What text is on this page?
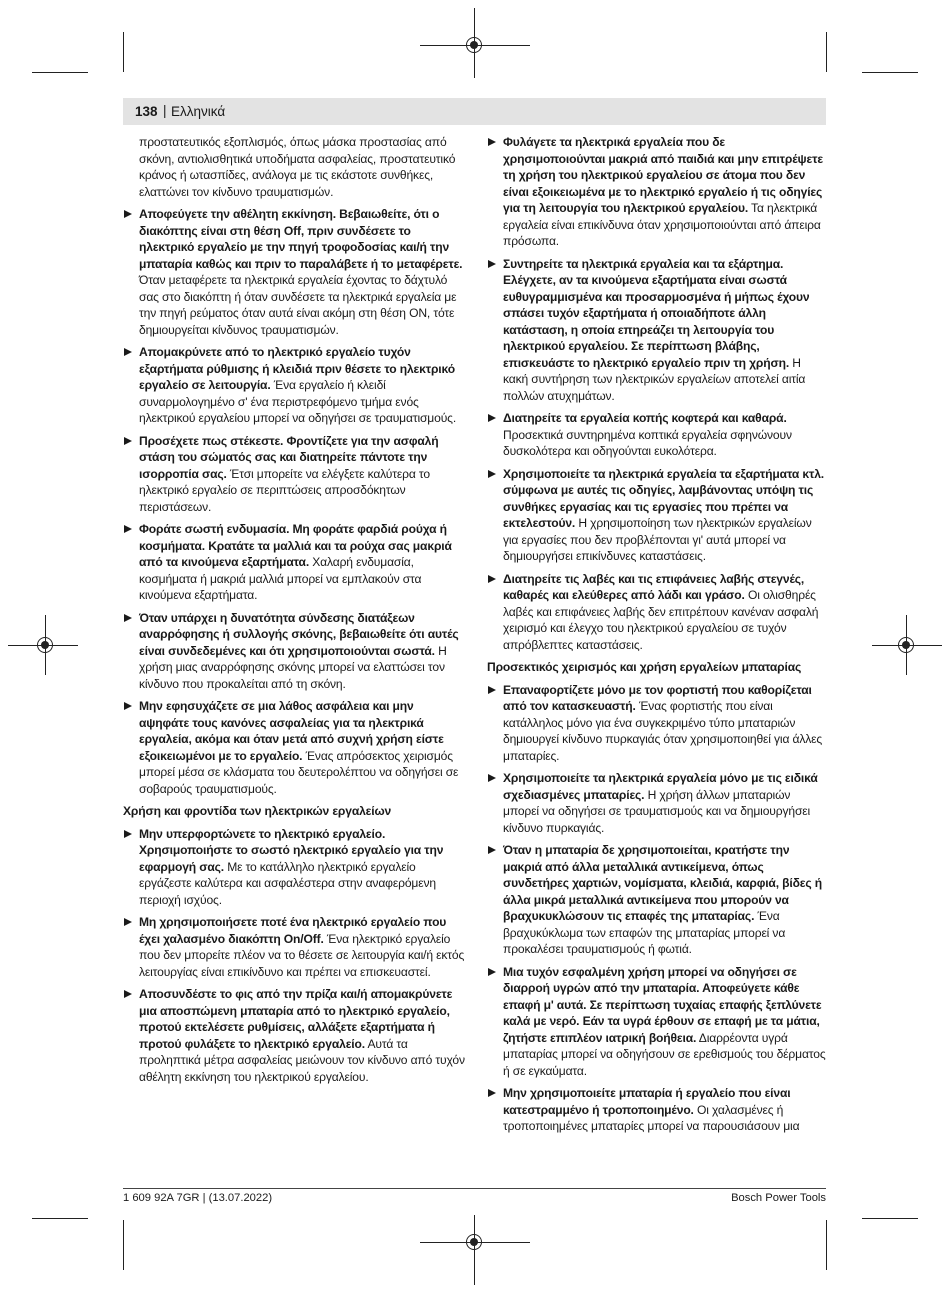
138 | Ελληνικά

προστατευτικός εξοπλισμός, όπως μάσκα προστασίας από σκόνη, αντιολισθητικά υποδήματα ασφαλείας, προστατευτικό κράνος ή ωτασπίδες, ανάλογα με τις εκάστοτε συνθήκες, ελαττώνει τον κίνδυνο τραυματισμών.

Αποφεύγετε την αθέλητη εκκίνηση. Βεβαιωθείτε, ότι ο διακόπτης είναι στη θέση Off, πριν συνδέσετε το ηλεκτρικό εργαλείο με την πηγή τροφοδοσίας και/ή την μπαταρία καθώς και πριν το παραλάβετε ή το μεταφέρετε. Όταν μεταφέρετε τα ηλεκτρικά εργαλεία έχοντας το δάχτυλό σας στο διακόπτη ή όταν συνδέσετε τα ηλεκτρικά εργαλεία με την πηγή ρεύματος όταν αυτά είναι ακόμη στη θέση ON, τότε δημιουργείται κίνδυνος τραυματισμών.

Απομακρύνετε από το ηλεκτρικό εργαλείο τυχόν εξαρτήματα ρύθμισης ή κλειδιά πριν θέσετε το ηλεκτρικό εργαλείο σε λειτουργία. Ένα εργαλείο ή κλειδί συναρμολογημένο σ' ένα περιστρεφόμενο τμήμα ενός ηλεκτρικού εργαλείου μπορεί να οδηγήσει σε τραυματισμούς.

Προσέχετε πως στέκεστε. Φροντίζετε για την ασφαλή στάση του σώματός σας και διατηρείτε πάντοτε την ισορροπία σας. Έτσι μπορείτε να ελέγξετε καλύτερα το ηλεκτρικό εργαλείο σε περιπτώσεις απροσδόκητων περιστάσεων.

Φοράτε σωστή ενδυμασία. Μη φοράτε φαρδιά ρούχα ή κοσμήματα. Κρατάτε τα μαλλιά και τα ρούχα σας μακριά από τα κινούμενα εξαρτήματα. Χαλαρή ενδυμασία, κοσμήματα ή μακριά μαλλιά μπορεί να εμπλακούν στα κινούμενα εξαρτήματα.

Όταν υπάρχει η δυνατότητα σύνδεσης διατάξεων αναρρόφησης ή συλλογής σκόνης, βεβαιωθείτε ότι αυτές είναι συνδεδεμένες και ότι χρησιμοποιούνται σωστά. Η χρήση μιας αναρρόφησης σκόνης μπορεί να ελαττώσει τον κίνδυνο που προκαλείται από τη σκόνη.

Μην εφησυχάζετε σε μια λάθος ασφάλεια και μην αψηφάτε τους κανόνες ασφαλείας για τα ηλεκτρικά εργαλεία, ακόμα και όταν μετά από συχνή χρήση είστε εξοικειωμένοι με το εργαλείο. Ένας απρόσεκτος χειρισμός μπορεί μέσα σε κλάσματα του δευτερολέπτου να οδηγήσει σε σοβαρούς τραυματισμούς.

Χρήση και φροντίδα των ηλεκτρικών εργαλείων

Μην υπερφορτώνετε το ηλεκτρικό εργαλείο. Χρησιμοποιήστε το σωστό ηλεκτρικό εργαλείο για την εφαρμογή σας. Με το κατάλληλο ηλεκτρικό εργαλείο εργάζεστε καλύτερα και ασφαλέστερα στην αναφερόμενη περιοχή ισχύος.

Μη χρησιμοποιήσετε ποτέ ένα ηλεκτρικό εργαλείο που έχει χαλασμένο διακόπτη On/Off. Ένα ηλεκτρικό εργαλείο που δεν μπορείτε πλέον να το θέσετε σε λειτουργία και/ή εκτός λειτουργίας είναι επικίνδυνο και πρέπει να επισκευαστεί.

Αποσυνδέστε το φις από την πρίζα και/ή απομακρύνετε μια αποσπώμενη μπαταρία από το ηλεκτρικό εργαλείο, προτού εκτελέσετε ρυθμίσεις, αλλάξετε εξαρτήματα ή προτού φυλάξετε το ηλεκτρικό εργαλείο. Αυτά τα προληπτικά μέτρα ασφαλείας μειώνουν τον κίνδυνο από τυχόν αθέλητη εκκίνηση του ηλεκτρικού εργαλείου.

Φυλάγετε τα ηλεκτρικά εργαλεία που δε χρησιμοποιούνται μακριά από παιδιά και μην επιτρέψετε τη χρήση του ηλεκτρικού εργαλείου σε άτομα που δεν είναι εξοικειωμένα με το ηλεκτρικό εργαλείο ή τις οδηγίες για τη λειτουργία του ηλεκτρικού εργαλείου. Τα ηλεκτρικά εργαλεία είναι επικίνδυνα όταν χρησιμοποιούνται από άπειρα πρόσωπα.

Συντηρείτε τα ηλεκτρικά εργαλεία και τα εξάρτημα. Ελέγχετε, αν τα κινούμενα εξαρτήματα είναι σωστά ευθυγραμμισμένα και προσαρμοσμένα ή μήπως έχουν σπάσει τυχόν εξαρτήματα ή οποιαδήποτε άλλη κατάσταση, η οποία επηρεάζει τη λειτουργία του ηλεκτρικού εργαλείου. Σε περίπτωση βλάβης, επισκευάστε το ηλεκτρικό εργαλείο πριν τη χρήση. Η κακή συντήρηση των ηλεκτρικών εργαλείων αποτελεί αιτία πολλών ατυχημάτων.

Διατηρείτε τα εργαλεία κοπής κοφτερά και καθαρά. Προσεκτικά συντηρημένα κοπτικά εργαλεία σφηνώνουν δυσκολότερα και οδηγούνται ευκολότερα.

Χρησιμοποιείτε τα ηλεκτρικά εργαλεία τα εξαρτήματα κτλ. σύμφωνα με αυτές τις οδηγίες, λαμβάνοντας υπόψη τις συνθήκες εργασίας και τις εργασίες που πρέπει να εκτελεστούν. Η χρησιμοποίηση των ηλεκτρικών εργαλείων για εργασίες που δεν προβλέπονται γι' αυτά μπορεί να δημιουργήσει επικίνδυνες καταστάσεις.

Διατηρείτε τις λαβές και τις επιφάνειες λαβής στεγνές, καθαρές και ελεύθερες από λάδι και γράσο. Οι ολισθηρές λαβές και επιφάνειες λαβής δεν επιτρέπουν κανέναν ασφαλή χειρισμό και έλεγχο του ηλεκτρικού εργαλείου σε τυχόν απρόβλεπτες καταστάσεις.

Προσεκτικός χειρισμός και χρήση εργαλείων μπαταρίας

Επαναφορτίζετε μόνο με τον φορτιστή που καθορίζεται από τον κατασκευαστή. Ένας φορτιστής που είναι κατάλληλος μόνο για ένα συγκεκριμένο τύπο μπαταριών δημιουργεί κίνδυνο πυρκαγιάς όταν χρησιμοποιηθεί για άλλες μπαταρίες.

Χρησιμοποιείτε τα ηλεκτρικά εργαλεία μόνο με τις ειδικά σχεδιασμένες μπαταρίες. Η χρήση άλλων μπαταριών μπορεί να οδηγήσει σε τραυματισμούς και να δημιουργήσει κίνδυνο πυρκαγιάς.

Όταν η μπαταρία δε χρησιμοποιείται, κρατήστε την μακριά από άλλα μεταλλικά αντικείμενα, όπως συνδετήρες χαρτιών, νομίσματα, κλειδιά, καρφιά, βίδες ή άλλα μικρά μεταλλικά αντικείμενα που μπορούν να βραχυκυκλώσουν τις επαφές της μπαταρίας. Ένα βραχυκύκλωμα των επαφών της μπαταρίας μπορεί να προκαλέσει τραυματισμούς ή φωτιά.

Μια τυχόν εσφαλμένη χρήση μπορεί να οδηγήσει σε διαρροή υγρών από την μπαταρία. Αποφεύγετε κάθε επαφή μ' αυτά. Σε περίπτωση τυχαίας επαφής ξεπλύνετε καλά με νερό. Εάν τα υγρά έρθουν σε επαφή με τα μάτια, ζητήστε επιπλέον ιατρική βοήθεια. Διαρρέοντα υγρά μπαταρίας μπορεί να οδηγήσουν σε ερεθισμούς του δέρματος ή σε εγκαύματα.

Μην χρησιμοποιείτε μπαταρία ή εργαλείο που είναι κατεστραμμένο ή τροποποιημένο. Οι χαλασμένες ή τροποποιημένες μπαταρίες μπορεί να παρουσιάσουν μια

1 609 92A 7GR | (13.07.2022)	Bosch Power Tools
